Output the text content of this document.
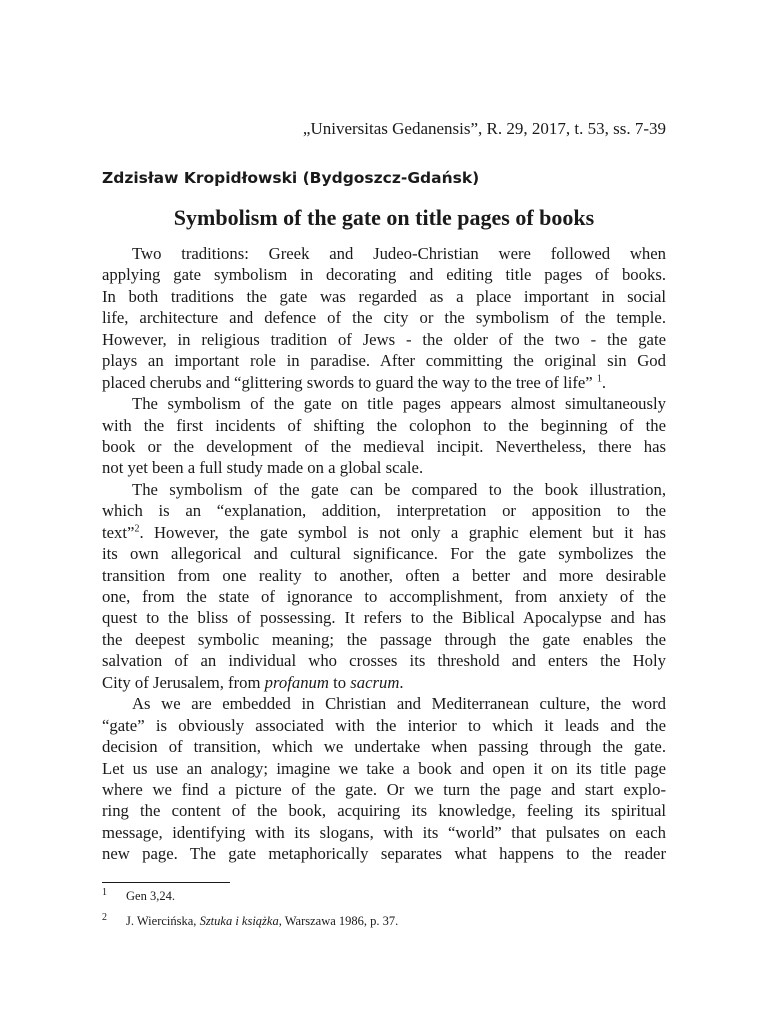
„Universitas Gedanensis”, R. 29, 2017, t. 53, ss. 7-39
Zdzisław Kropidłowski (Bydgoszcz-Gdańsk)
Symbolism of the gate on title pages of books
Two traditions: Greek and Judeo-Christian were followed when
applying gate symbolism in decorating and editing title pages of books.
In both traditions the gate was regarded as a place important in social
life, architecture and defence of the city or the symbolism of the temple.
However, in religious tradition of Jews - the older of the two - the gate
plays an important role in paradise. After committing the original sin God
placed cherubs and “glittering swords to guard the way to the tree of life” $^1$.
The symbolism of the gate on title pages appears almost simultaneously
with the first incidents of shifting the colophon to the beginning of the
book or the development of the medieval incipit. Nevertheless, there has
not yet been a full study made on a global scale.
The symbolism of the gate can be compared to the book illustration,
which is an “explanation, addition, interpretation or apposition to the
text”$^2$. However, the gate symbol is not only a graphic element but it has
its own allegorical and cultural significance. For the gate symbolizes the
transition from one reality to another, often a better and more desirable
one, from the state of ignorance to accomplishment, from anxiety of the
quest to the bliss of possessing. It refers to the Biblical Apocalypse and has
the deepest symbolic meaning; the passage through the gate enables the
salvation of an individual who crosses its threshold and enters the Holy
City of Jerusalem, from profanum to sacrum.
As we are embedded in Christian and Mediterranean culture, the word
“gate” is obviously associated with the interior to which it leads and the
decision of transition, which we undertake when passing through the gate.
Let us use an analogy; imagine we take a book and open it on its title page
where we find a picture of the gate. Or we turn the page and start explo-
ring the content of the book, acquiring its knowledge, feeling its spiritual
message, identifying with its slogans, with its “world” that pulsates on each
new page. The gate metaphorically separates what happens to the reader
1 Gen 3,24.
2 J. Wiercińska, Sztuka i książka, Warszawa 1986, p. 37.
